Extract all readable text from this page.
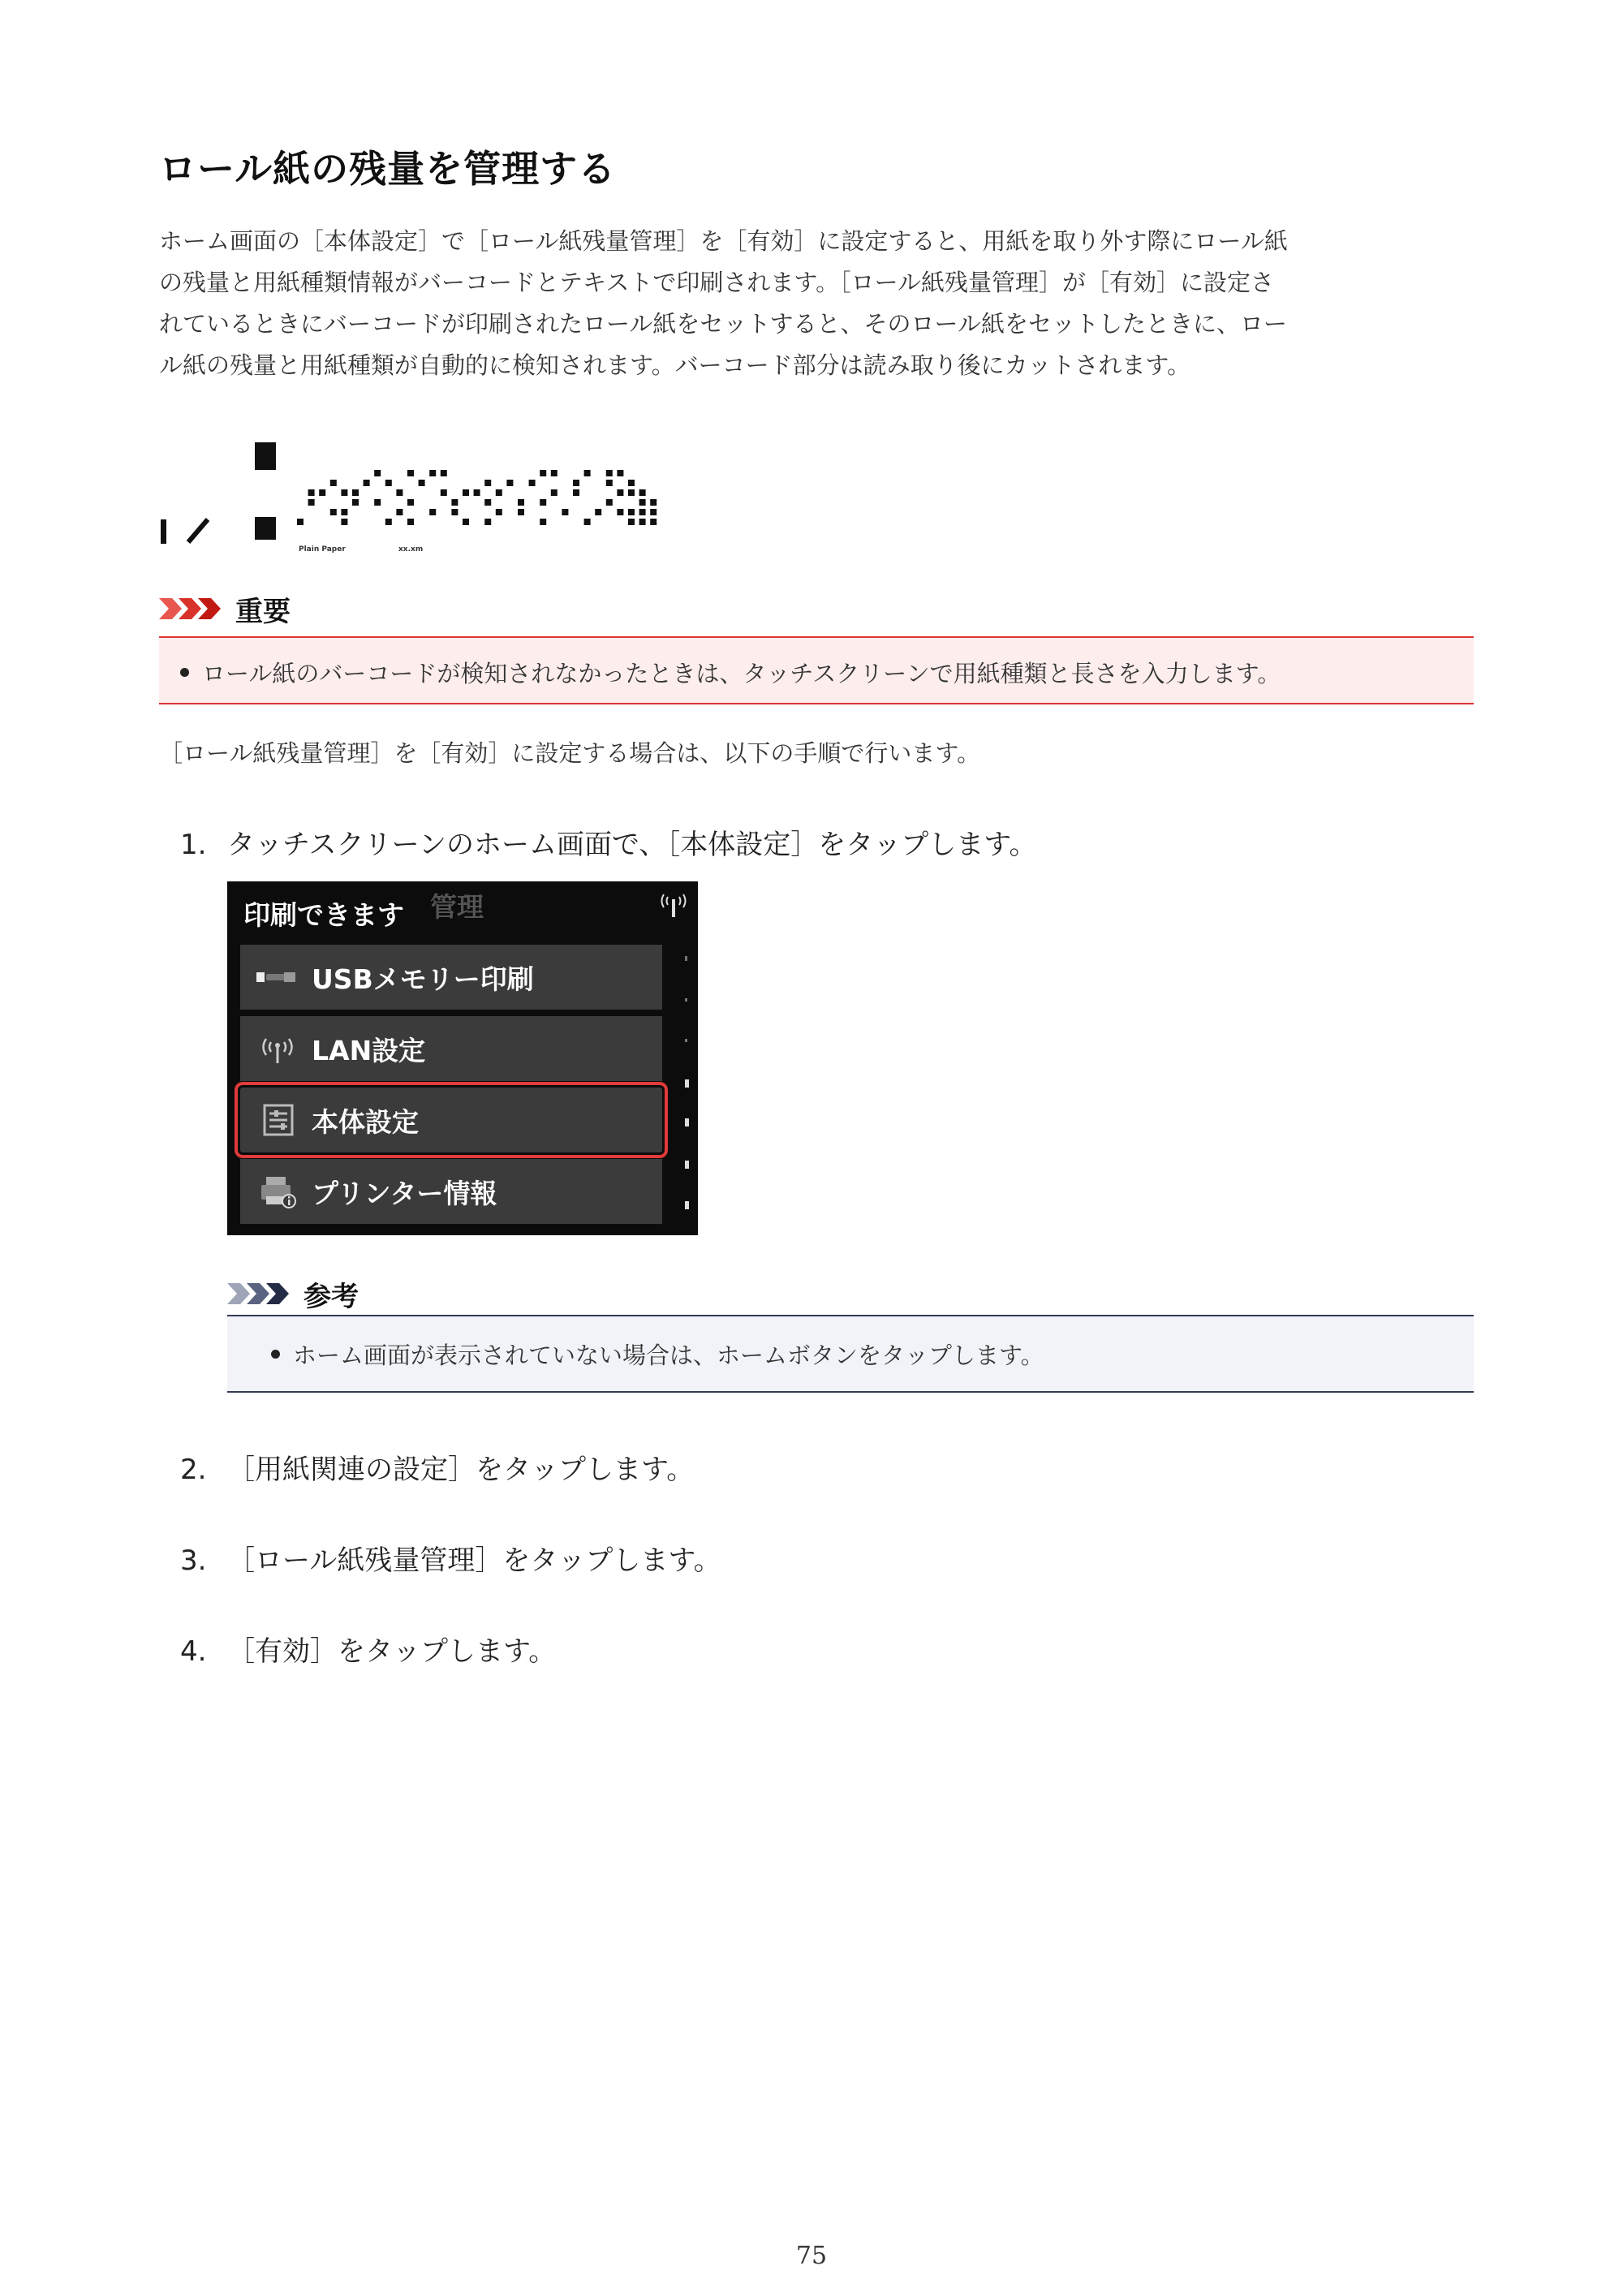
ロール紙の残量を管理する
ホーム画面の［本体設定］で［ロール紙残量管理］を［有効］に設定すると、用紙を取り外す際にロール紙
の残量と用紙種類情報がバーコードとテキストで印刷されます。［ロール紙残量管理］が［有効］に設定さ
れているときにバーコードが印刷されたロール紙をセットすると、そのロール紙をセットしたときに、ロー
ル紙の残量と用紙種類が自動的に検知されます。バーコード部分は読み取り後にカットされます。
Plain Paper	xx.xm
重要
ロール紙のバーコードが検知されなかったときは、タッチスクリーンで用紙種類と長さを入力します。
［ロール紙残量管理］を［有効］に設定する場合は、以下の手順で行います。
1. タッチスクリーンのホーム画面で、［本体設定］をタップします。
管理
印刷できます
USBメモリー印刷
LAN設定
本体設定
プリンター情報
参考
ホーム画面が表示されていない場合は、ホームボタンをタップします。
2. ［用紙関連の設定］をタップします。
3. ［ロール紙残量管理］をタップします。
4. ［有効］をタップします。
75
